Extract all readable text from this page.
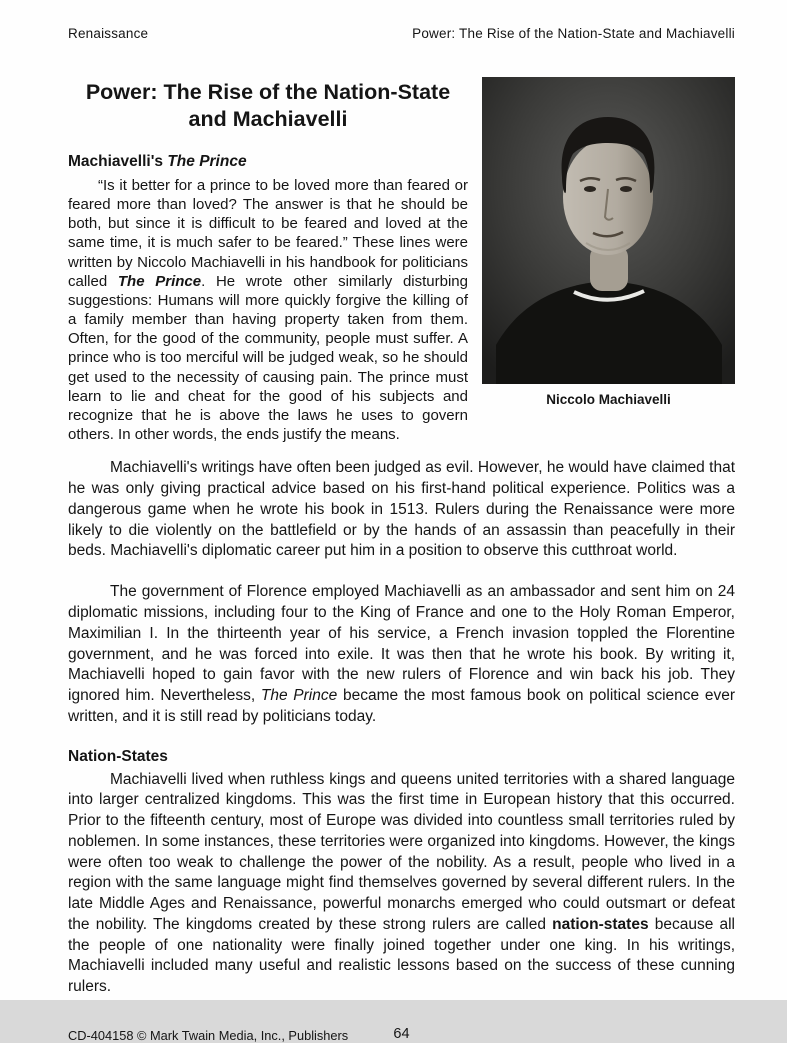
Renaissance	Power: The Rise of the Nation-State and Machiavelli
Niccolo Machiavelli
Power: The Rise of the Nation-State
and Machiavelli
Machiavelli's The Prince

“Is it better for a prince to be loved more than feared or feared more than loved? The answer is that he should be both, but since it is difficult to be feared and loved at the same time, it is much safer to be feared.” These lines were written by Niccolo Machiavelli in his handbook for politicians called The Prince. He wrote other similarly disturbing suggestions: Humans will more quickly forgive the killing of a family member than having property taken from them. Often, for the good of the community, people must suffer. A prince who is too merciful will be judged weak, so he should get used to the necessity of causing pain. The prince must learn to lie and cheat for the good of his subjects and recognize that he is above the laws he uses to govern others. In other words, the ends justify the means.

Machiavelli's writings have often been judged as evil. However, he would have claimed that he was only giving practical advice based on his first-hand political experience. Politics was a dangerous game when he wrote his book in 1513. Rulers during the Renaissance were more likely to die violently on the battlefield or by the hands of an assassin than peacefully in their beds. Machiavelli's diplomatic career put him in a position to observe this cutthroat world.

The government of Florence employed Machiavelli as an ambassador and sent him on 24 diplomatic missions, including four to the King of France and one to the Holy Roman Emperor, Maximilian I. In the thirteenth year of his service, a French invasion toppled the Florentine government, and he was forced into exile. It was then that he wrote his book. By writing it, Machiavelli hoped to gain favor with the new rulers of Florence and win back his job. They ignored him. Nevertheless, The Prince became the most famous book on political science ever written, and it is still read by politicians today.

Nation-States

Machiavelli lived when ruthless kings and queens united territories with a shared language into larger centralized kingdoms. This was the first time in European history that this occurred. Prior to the fifteenth century, most of Europe was divided into countless small territories ruled by noblemen. In some instances, these territories were organized into kingdoms. However, the kings were often too weak to challenge the power of the nobility. As a result, people who lived in a region with the same language might find themselves governed by several different rulers. In the late Middle Ages and Renaissance, powerful monarchs emerged who could outsmart or defeat the nobility. The kingdoms created by these strong rulers are called nation-states because all the people of one nationality were finally joined together under one king. In his writings, Machiavelli included many useful and realistic lessons based on the success of these cunning rulers.

CD-404158 © Mark Twain Media, Inc., Publishers	64
